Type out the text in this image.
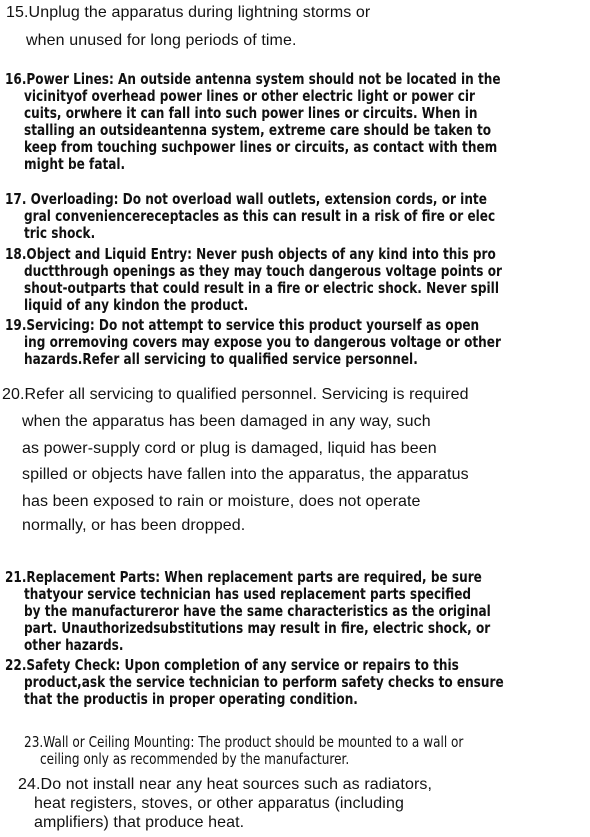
15.Unplug the apparatus during lightning storms or

when unused for long periods of time.

16.Power Lines: An outside antenna system should not be located in the

vicinityof overhead power lines or other electric light or power cir

cuits, orwhere it can fall into such power lines or circuits. When in

stalling an outsideantenna system, extreme care should be taken to

keep from touching suchpower lines or circuits, as contact with them

might be fatal.

17. Overloading: Do not overload wall outlets, extension cords, or inte

gral conveniencereceptacles as this can result in a risk of fire or elec

tric shock.

18.Object and Liquid Entry: Never push objects of any kind into this pro

ductthrough openings as they may touch dangerous voltage points or

shout-outparts that could result in a fire or electric shock. Never spill

liquid of any kindon the product.

19.Servicing: Do not attempt to service this product yourself as open

ing orremoving covers may expose you to dangerous voltage or other

hazards.Refer all servicing to qualified service personnel.

20.Refer all servicing to qualified personnel. Servicing is required

when the apparatus has been damaged in any way, such

as power-supply cord or plug is damaged, liquid has been

spilled or objects have fallen into the apparatus, the apparatus

has been exposed to rain or moisture, does not operate

normally, or has been dropped.

21.Replacement Parts: When replacement parts are required, be sure

thatyour service technician has used replacement parts specified

by the manufactureror have the same characteristics as the original

part. Unauthorizedsubstitutions may result in fire, electric shock, or

other hazards.

22.Safety Check: Upon completion of any service or repairs to this

product,ask the service technician to perform safety checks to ensure

that the productis in proper operating condition.

23.Wall or Ceiling Mounting: The product should be mounted to a wall or

ceiling only as recommended by the manufacturer.

24.Do not install near any heat sources such as radiators,

heat registers, stoves, or other apparatus (including

amplifiers) that produce heat.
